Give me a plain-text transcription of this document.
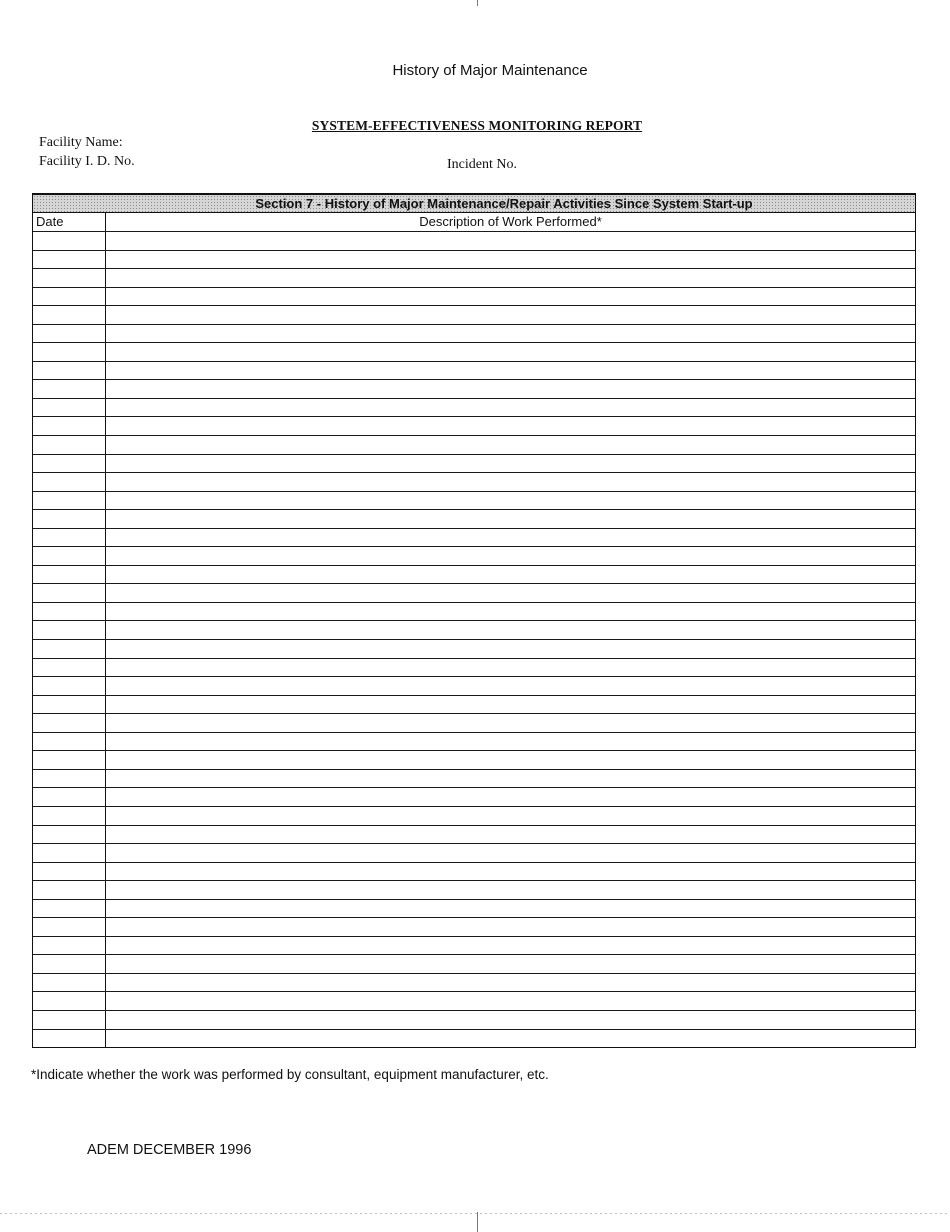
History of Major Maintenance
SYSTEM-EFFECTIVENESS MONITORING REPORT
Facility Name:
Facility I. D. No.	Incident No.
Section 7 - History of Major Maintenance/Repair Activities Since System Start-up
Date	Description of Work Performed*
*Indicate whether the work was performed by consultant, equipment manufacturer, etc.
ADEM DECEMBER 1996
